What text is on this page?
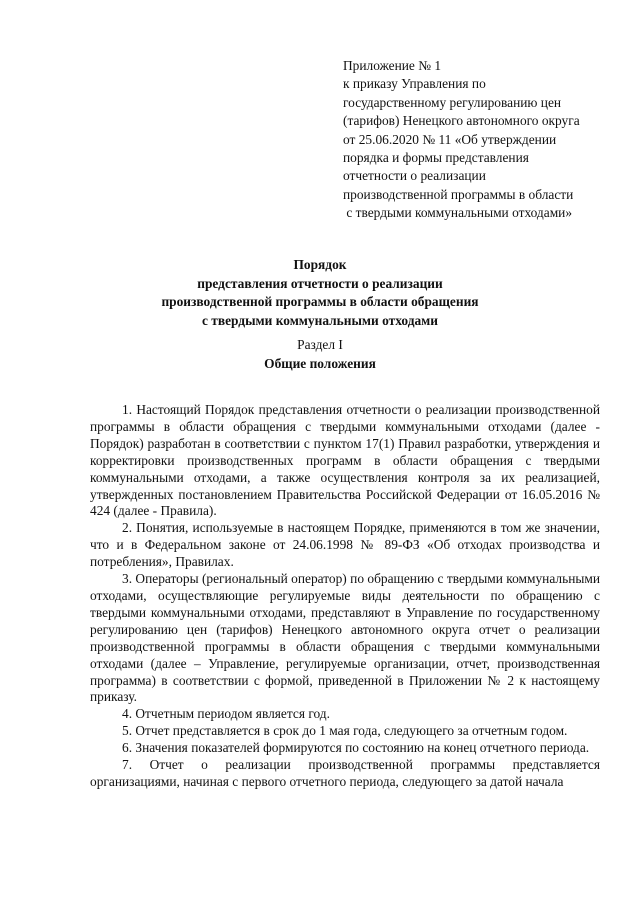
Приложение № 1
к приказу Управления по
государственному регулированию цен
(тарифов) Ненецкого автономного округа
от 25.06.2020 № 11 «Об утверждении
порядка и формы представления
отчетности о реализации
производственной программы в области
с твердыми коммунальными отходами»
Порядок
представления отчетности о реализации
производственной программы в области обращения
с твердыми коммунальными отходами
Раздел I
Общие положения

1. Настоящий Порядок представления отчетности о реализации производственной программы в области обращения с твердыми коммунальными отходами (далее - Порядок) разработан в соответствии с пунктом 17(1) Правил разработки, утверждения и корректировки производственных программ в области обращения с твердыми коммунальными отходами, а также осуществления контроля за их реализацией, утвержденных постановлением Правительства Российской Федерации от 16.05.2016 № 424 (далее - Правила).

2. Понятия, используемые в настоящем Порядке, применяются в том же значении, что и в Федеральном законе от 24.06.1998 № 89-ФЗ «Об отходах производства и потребления», Правилах.

3. Операторы (региональный оператор) по обращению с твердыми коммунальными отходами, осуществляющие регулируемые виды деятельности по обращению с твердыми коммунальными отходами, представляют в Управление по государственному регулированию цен (тарифов) Ненецкого автономного округа отчет о реализации производственной программы в области обращения с твердыми коммунальными отходами (далее – Управление, регулируемые организации, отчет, производственная программа) в соответствии с формой, приведенной в Приложении № 2 к настоящему приказу.

4. Отчетным периодом является год.

5. Отчет представляется в срок до 1 мая года, следующего за отчетным годом.

6. Значения показателей формируются по состоянию на конец отчетного периода.

7. Отчет о реализации производственной программы представляется организациями, начиная с первого отчетного периода, следующего за датой начала
